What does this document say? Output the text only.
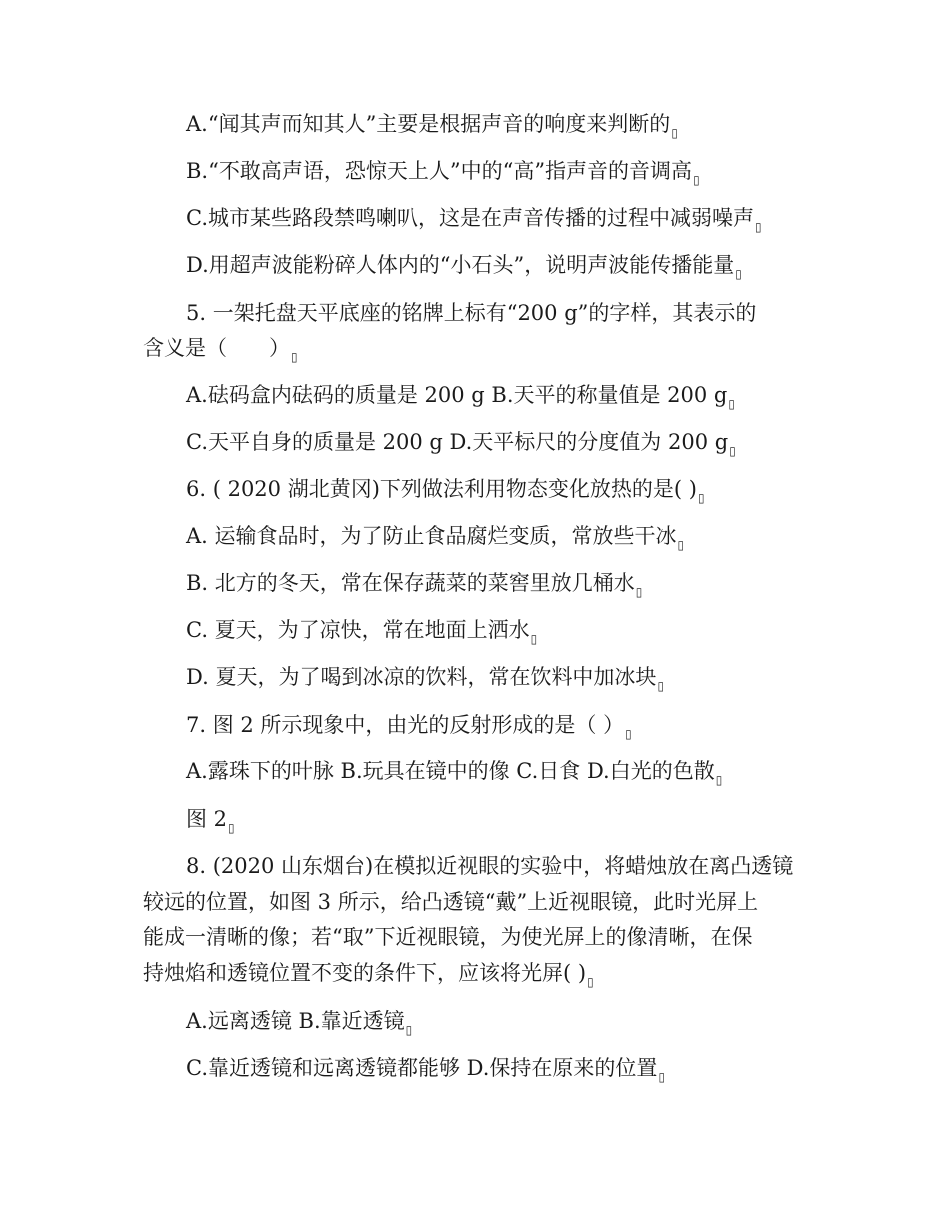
A.“闻其声而知其人”主要是根据声音的响度来判断的▯
B.“不敢高声语，恐惊天上人”中的“高”指声音的音调高▯
C.城市某些路段禁鸣喇叭，这是在声音传播的过程中减弱噪声▯
D.用超声波能粉碎人体内的“小石头”，说明声波能传播能量▯
5. 一架托盘天平底座的铭牌上标有“200 g”的字样，其表示的
含义是（　　）▯
A.砝码盒内砝码的质量是 200 g B.天平的称量值是 200 g▯
C.天平自身的质量是 200 g D.天平标尺的分度值为 200 g▯
6. ( 2020 湖北黄冈)下列做法利用物态变化放热的是( )▯
A. 运输食品时，为了防止食品腐烂变质，常放些干冰▯
B. 北方的冬天，常在保存蔬菜的菜窖里放几桶水▯
C. 夏天，为了凉快，常在地面上洒水▯
D. 夏天，为了喝到冰凉的饮料，常在饮料中加冰块▯
7. 图 2 所示现象中，由光的反射形成的是（ ）▯
A.露珠下的叶脉 B.玩具在镜中的像 C.日食 D.白光的色散▯
图 2▯
8. (2020 山东烟台)在模拟近视眼的实验中，将蜡烛放在离凸透镜
较远的位置，如图 3 所示，给凸透镜“戴”上近视眼镜，此时光屏上
能成一清晰的像；若“取”下近视眼镜，为使光屏上的像清晰，在保
持烛焰和透镜位置不变的条件下，应该将光屏( )▯
A.远离透镜 B.靠近透镜▯
C.靠近透镜和远离透镜都能够 D.保持在原来的位置▯
